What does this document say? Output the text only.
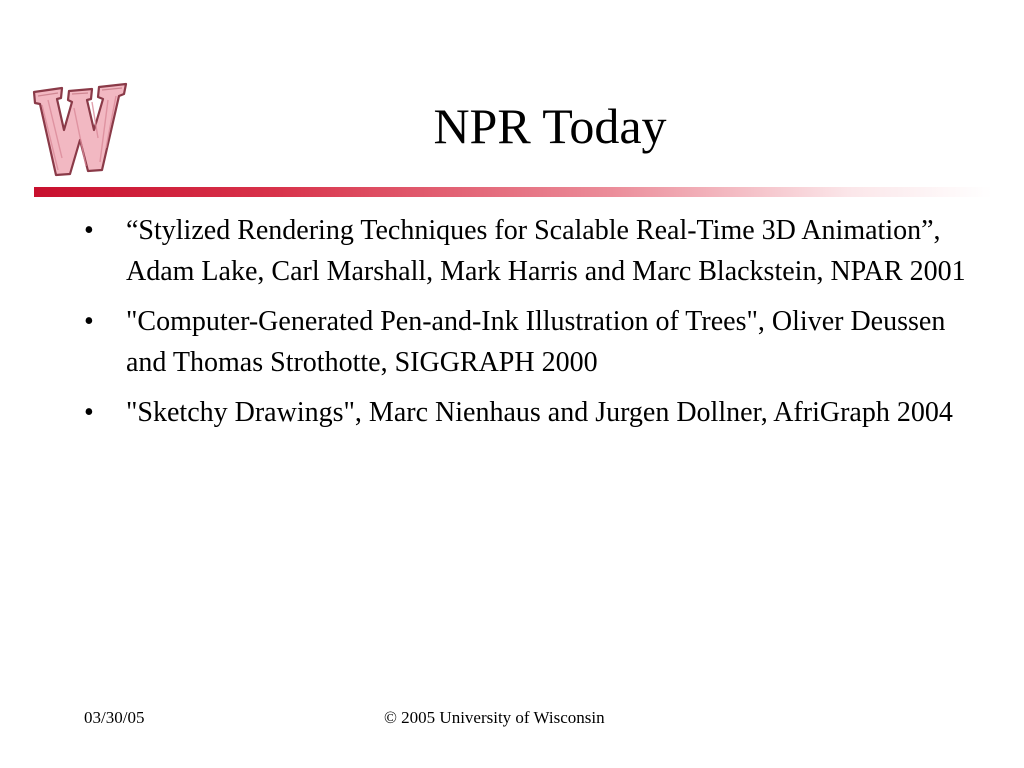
NPR Today
• “Stylized Rendering Techniques for Scalable Real-Time 3D Animation”, Adam Lake, Carl Marshall, Mark Harris and Marc Blackstein, NPAR 2001
• "Computer-Generated Pen-and-Ink Illustration of Trees", Oliver Deussen and Thomas Strothotte, SIGGRAPH 2000
• "Sketchy Drawings", Marc Nienhaus and Jurgen Dollner, AfriGraph 2004
03/30/05	© 2005 University of Wisconsin
